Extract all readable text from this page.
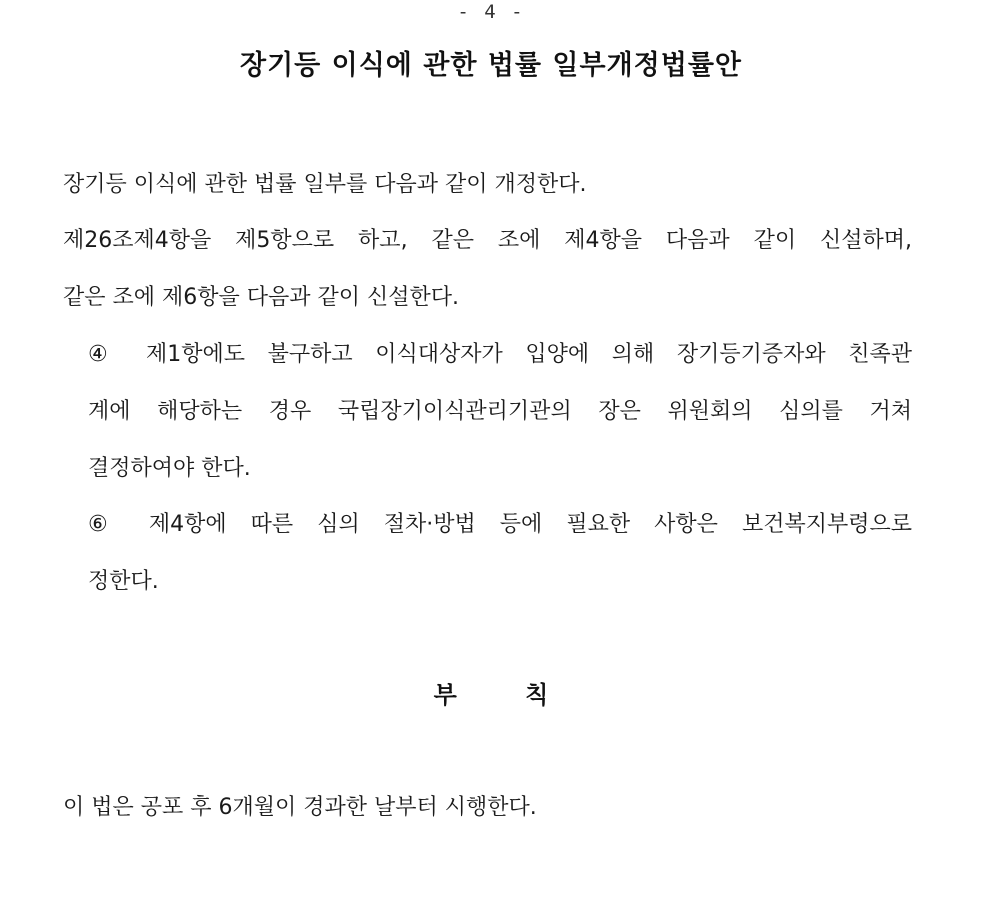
- 4 -
장기등 이식에 관한 법률 일부개정법률안

장기등 이식에 관한 법률 일부를 다음과 같이 개정한다.

제26조제4항을 제5항으로 하고, 같은 조에 제4항을 다음과 같이 신설하며,

같은 조에 제6항을 다음과 같이 신설한다.

④ 제1항에도 불구하고 이식대상자가 입양에 의해 장기등기증자와 친족관

계에 해당하는 경우 국립장기이식관리기관의 장은 위원회의 심의를 거쳐

결정하여야 한다.

⑥ 제4항에 따른 심의 절차·방법 등에 필요한 사항은 보건복지부령으로

정한다.

부 칙

이 법은 공포 후 6개월이 경과한 날부터 시행한다.
